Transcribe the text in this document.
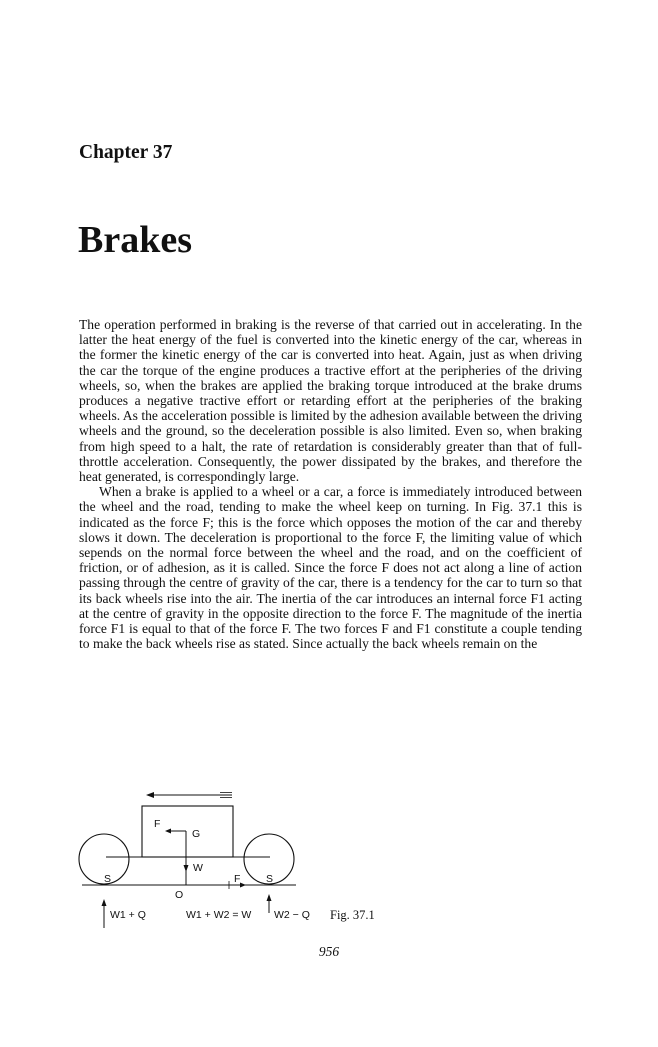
Chapter 37
Brakes

The operation performed in braking is the reverse of that carried out in accelerating. In the latter the heat energy of the fuel is converted into the kinetic energy of the car, whereas in the former the kinetic energy of the car is converted into heat. Again, just as when driving the car the torque of the engine produces a tractive effort at the peripheries of the driving wheels, so, when the brakes are applied the braking torque introduced at the brake drums produces a negative tractive effort or retarding effort at the peripheries of the braking wheels. As the acceleration possible is limited by the adhesion available between the driving wheels and the ground, so the deceleration possible is also limited. Even so, when braking from high speed to a halt, the rate of retardation is considerably greater than that of full-throttle acceleration. Consequently, the power dissipated by the brakes, and therefore the heat generated, is correspondingly large.

When a brake is applied to a wheel or a car, a force is immediately introduced between the wheel and the road, tending to make the wheel keep on turning. In Fig. 37.1 this is indicated as the force F; this is the force which opposes the motion of the car and thereby slows it down. The deceleration is proportional to the force F, the limiting value of which sepends on the normal force between the wheel and the road, and on the coefficient of friction, or of adhesion, as it is called. Since the force F does not act along a line of action passing through the centre of gravity of the car, there is a tendency for the car to turn so that its back wheels rise into the air. The inertia of the car introduces an internal force F1 acting at the centre of gravity in the opposite direction to the force F. The magnitude of the inertia force F1 is equal to that of the force F. The two forces F and F1 constitute a couple tending to make the back wheels rise as stated. Since actually the back wheels remain on the

F
G
W
S
O
F S
W1 + Q	W1 + W2 = W W2 − Q Fig. 37.1
956
